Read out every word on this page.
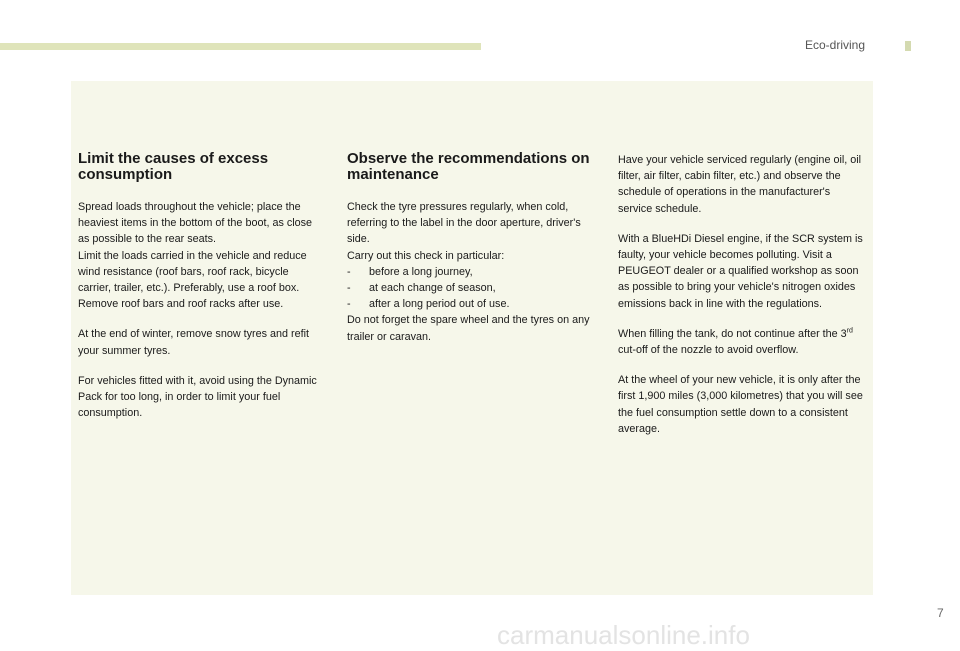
Eco-driving
Limit the causes of excess consumption

Spread loads throughout the vehicle; place the heaviest items in the bottom of the boot, as close as possible to the rear seats.
Limit the loads carried in the vehicle and reduce wind resistance (roof bars, roof rack, bicycle carrier, trailer, etc.). Preferably, use a roof box.
Remove roof bars and roof racks after use.

At the end of winter, remove snow tyres and refit your summer tyres.

For vehicles fitted with it, avoid using the Dynamic Pack for too long, in order to limit your fuel consumption.

Observe the recommendations on maintenance

Check the tyre pressures regularly, when cold, referring to the label in the door aperture, driver's side.
Carry out this check in particular:
- before a long journey,
- at each change of season,
- after a long period out of use.
Do not forget the spare wheel and the tyres on any trailer or caravan.

Have your vehicle serviced regularly (engine oil, oil filter, air filter, cabin filter, etc.) and observe the schedule of operations in the manufacturer's service schedule.

With a BlueHDi Diesel engine, if the SCR system is faulty, your vehicle becomes polluting. Visit a PEUGEOT dealer or a qualified workshop as soon as possible to bring your vehicle's nitrogen oxides emissions back in line with the regulations.

When filling the tank, do not continue after the 3rd cut-off of the nozzle to avoid overflow.

At the wheel of your new vehicle, it is only after the first 1,900 miles (3,000 kilometres) that you will see the fuel consumption settle down to a consistent average.

7
carmanualsonline.info
